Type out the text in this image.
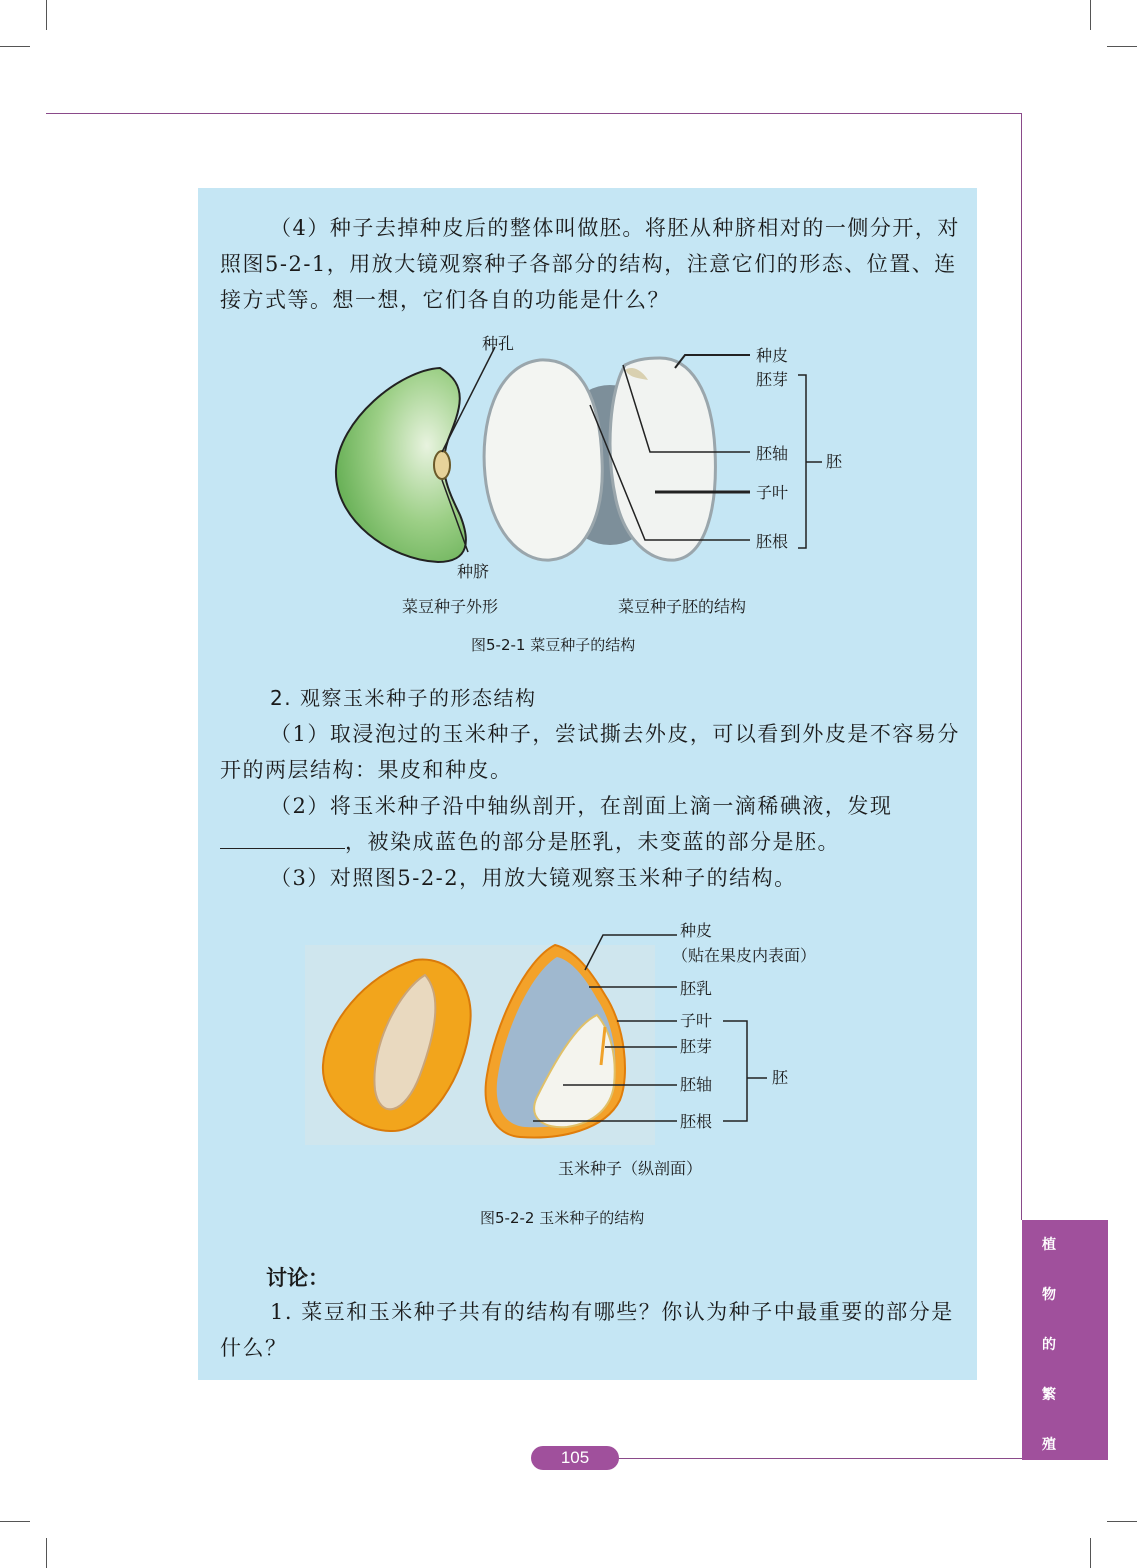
（4）种子去掉种皮后的整体叫做胚。将胚从种脐相对的一侧分开，对照图5-2-1，用放大镜观察种子各部分的结构，注意它们的形态、位置、连接方式等。想一想，它们各自的功能是什么？

种孔
种脐
种皮
胚芽
胚轴
子叶
胚根
胚
菜豆种子外形	菜豆种子胚的结构
图5-2-1 菜豆种子的结构

2. 观察玉米种子的形态结构

（1）取浸泡过的玉米种子，尝试撕去外皮，可以看到外皮是不容易分开的两层结构：果皮和种皮。

（2）将玉米种子沿中轴纵剖开，在剖面上滴一滴稀碘液，发现，被染成蓝色的部分是胚乳，未变蓝的部分是胚。

（3）对照图5-2-2，用放大镜观察玉米种子的结构。

种皮
（贴在果皮内表面）
胚乳
子叶
胚芽
胚轴
胚根
胚
玉米种子（纵剖面）
图5-2-2 玉米种子的结构
讨论：

1. 菜豆和玉米种子共有的结构有哪些？你认为种子中最重要的部分是什么？

植
物
的
繁
殖
105
